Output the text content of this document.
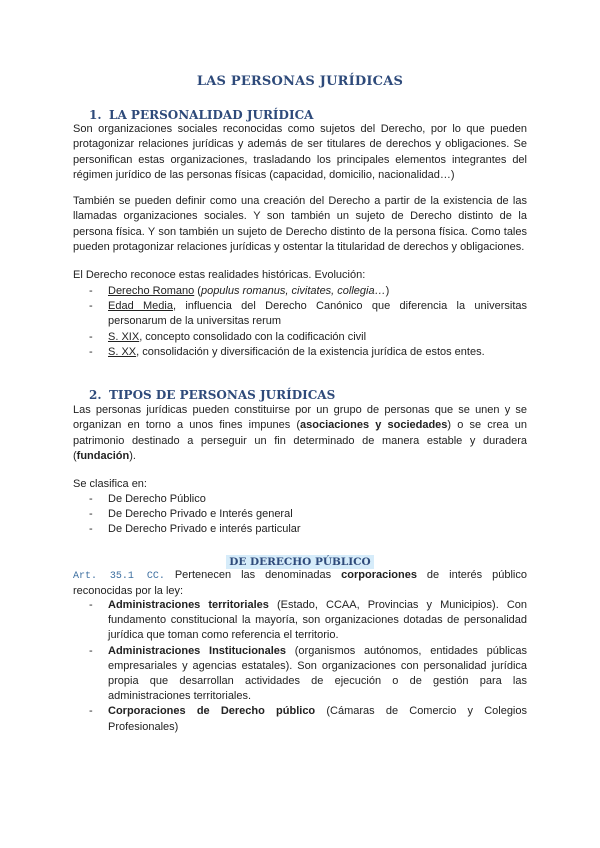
LAS PERSONAS JURÍDICAS
1. LA PERSONALIDAD JURÍDICA

Son organizaciones sociales reconocidas como sujetos del Derecho, por lo que pueden protagonizar relaciones jurídicas y además de ser titulares de derechos y obligaciones. Se personifican estas organizaciones, trasladando los principales elementos integrantes del régimen jurídico de las personas físicas (capacidad, domicilio, nacionalidad…)

También se pueden definir como una creación del Derecho a partir de la existencia de las llamadas organizaciones sociales. Y son también un sujeto de Derecho distinto de la persona física. Y son también un sujeto de Derecho distinto de la persona física. Como tales pueden protagonizar relaciones jurídicas y ostentar la titularidad de derechos y obligaciones.

El Derecho reconoce estas realidades históricas. Evolución:

- Derecho Romano (populus romanus, civitates, collegia…)
- Edad Media, influencia del Derecho Canónico que diferencia la universitas personarum de la universitas rerum
- S. XIX, concepto consolidado con la codificación civil
- S. XX, consolidación y diversificación de la existencia jurídica de estos entes.
2. TIPOS DE PERSONAS JURÍDICAS

Las personas jurídicas pueden constituirse por un grupo de personas que se unen y se organizan en torno a unos fines impunes (asociaciones y sociedades) o se crea un patrimonio destinado a perseguir un fin determinado de manera estable y duradera (fundación).

Se clasifica en:

- De Derecho Público
- De Derecho Privado e Interés general
- De Derecho Privado e interés particular
DE DERECHO PÚBLICO

Art. 35.1 CC. Pertenecen las denominadas corporaciones de interés público reconocidas por la ley:

- Administraciones territoriales (Estado, CCAA, Provincias y Municipios). Con fundamento constitucional la mayoría, son organizaciones dotadas de personalidad jurídica que toman como referencia el territorio.
- Administraciones Institucionales (organismos autónomos, entidades públicas empresariales y agencias estatales). Son organizaciones con personalidad jurídica propia que desarrollan actividades de ejecución o de gestión para las administraciones territoriales.
- Corporaciones de Derecho público (Cámaras de Comercio y Colegios Profesionales)
